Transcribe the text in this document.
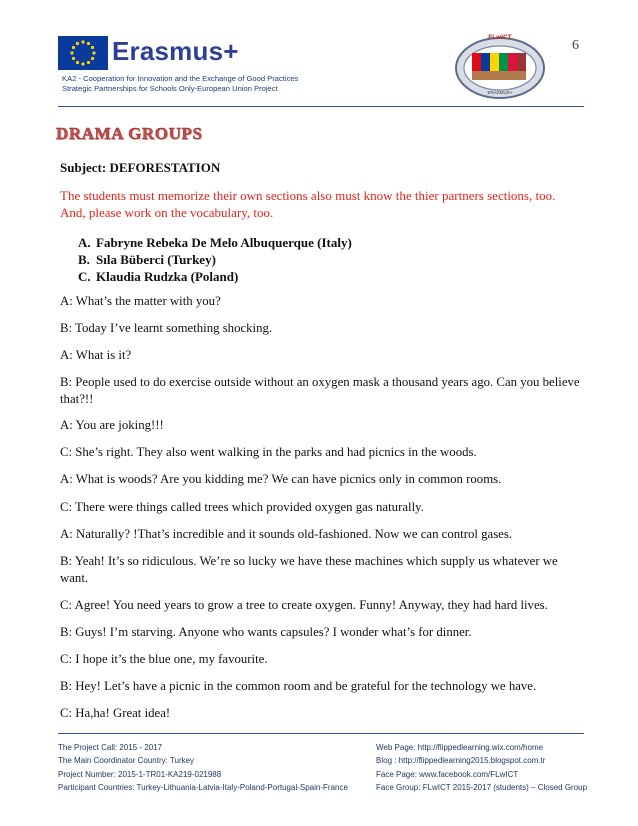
Erasmus+
KA2 - Cooperation for Innovation and the Exchange of Good Practices
Strategic Partnerships for Schools Only-European Union Project
FLwICT
ERASMUS+
6
DRAMA GROUPS
Subject: DEFORESTATION
The students must memorize their own sections also must know the thier partners sections, too. And, please work on the vocabulary, too.
A. Fabryne Rebeka De Melo Albuquerque (Italy)
B. Sıla Büberci (Turkey)
C. Klaudia Rudzka (Poland)
A: What’s the matter with you?
B: Today I’ve learnt something shocking.
A: What is it?
B: People used to do exercise outside without an oxygen mask a thousand years ago. Can you believe that?!!
A: You are joking!!!
C: She’s right. They also went walking in the parks and had picnics in the woods.
A: What is woods? Are you kidding me? We can have picnics only in common rooms.
C: There were things called trees which provided oxygen gas naturally.
A: Naturally? !That’s incredible and it sounds old-fashioned. Now we can control gases.
B: Yeah! It’s so ridiculous. We’re so lucky we have these machines which supply us whatever we want.
C: Agree! You need years to grow a tree to create oxygen. Funny! Anyway, they had hard lives.
B: Guys! I’m starving. Anyone who wants capsules? I wonder what’s for dinner.
C: I hope it’s the blue one, my favourite.
B: Hey! Let’s have a picnic in the common room and be grateful for the technology we have.
C: Ha,ha! Great idea!
The Project Call: 2015 - 2017
The Main Coordinator Country: Turkey
Project Number: 2015-1-TR01-KA219-021988
Participant Countries: Turkey-Lithuania-Latvia-Italy-Poland-Portugal-Spain-France
Web Page: http://flippedlearning.wix.com/home
Blog : http://flippedlearning2015.blogspot.com.tr
Face Page: www.facebook.com/FLwICT
Face Group: FLwICT 2015-2017 (students) – Closed Group
